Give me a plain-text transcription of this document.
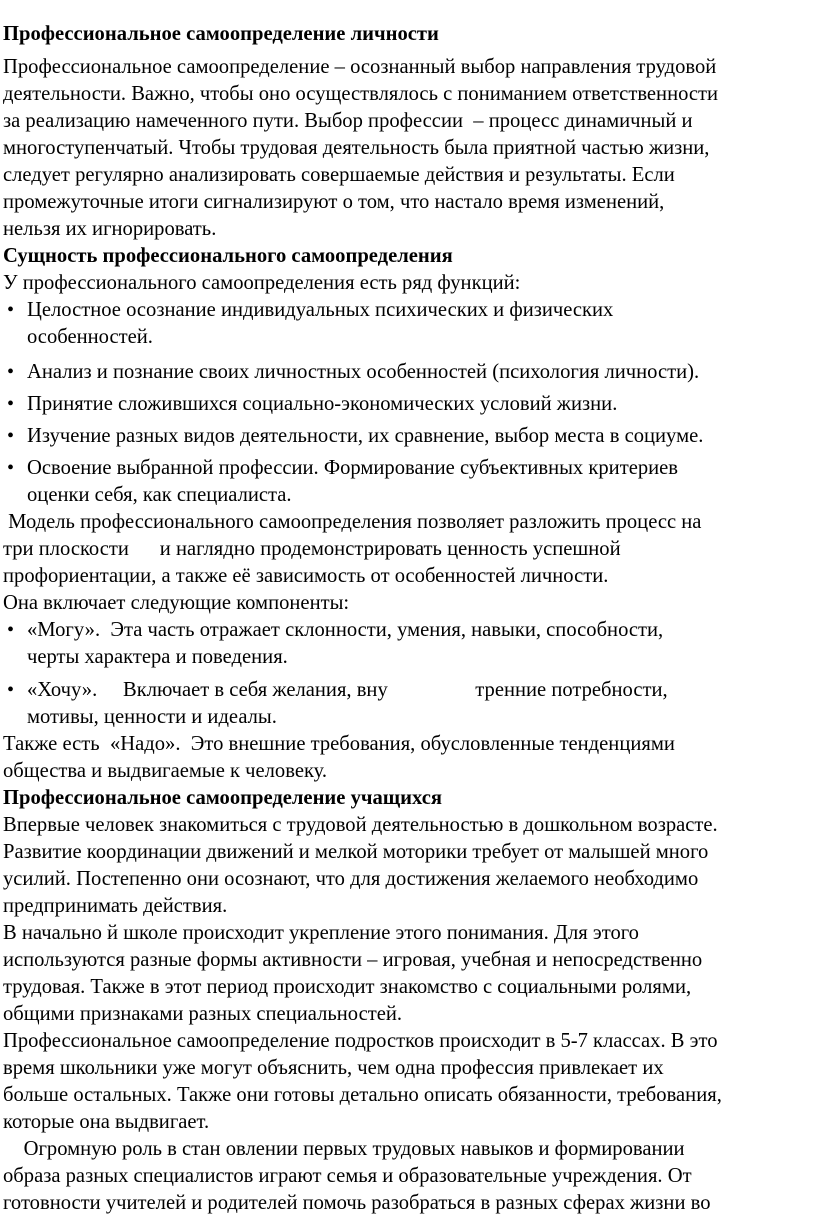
Профессиональное самоопределение личности
Профессиональное самоопределение – осознанный выбор направления трудовой
деятельности. Важно, чтобы оно осуществлялось с пониманием ответственности
за реализацию намеченного пути. Выбор профессии  – процесс динамичный и
многоступенчатый. Чтобы трудовая деятельность была приятной частью жизни,
следует регулярно анализировать совершаемые действия и результаты. Если
промежуточные итоги сигнализируют о том, что настало время изменений,
нельзя их игнорировать.
Сущность профессионального самоопределения
У профессионального самоопределения есть ряд функций:
• Целостное осознание индивидуальных психических и физических
особенностей.
• Анализ и познание своих личностных особенностей (психология личности).
• Принятие сложившихся социально-экономических условий жизни.
• Изучение разных видов деятельности, их сравнение, выбор места в социуме.
• Освоение выбранной профессии. Формирование субъективных критериев
оценки себя, как специалиста.
Модель профессионального самоопределения позволяет разложить процесс на
три плоскости      и наглядно продемонстрировать ценность успешной
профориентации, а также её зависимость от особенностей личности.
Она включает следующие компоненты:
• «Могу».  Эта часть отражает склонности, умения, навыки, способности,
черты характера и поведения.
• «Хочу».     Включает в себя желания, вну                 тренние потребности,
мотивы, ценности и идеалы.
Также есть  «Надо».  Это внешние требования, обусловленные тенденциями
общества и выдвигаемые к человеку.
Профессиональное самоопределение учащихся
Впервые человек знакомиться с трудовой деятельностью в дошкольном возрасте.
Развитие координации движений и мелкой моторики требует от малышей много
усилий. Постепенно они осознают, что для достижения желаемого необходимо
предпринимать действия.
В начально й школе происходит укрепление этого понимания. Для этого
используются разные формы активности – игровая, учебная и непосредственно
трудовая. Также в этот период происходит знакомство с социальными ролями,
общими признаками разных специальностей.
Профессиональное самоопределение подростков происходит в 5-7 классах. В это
время школьники уже могут объяснить, чем одна профессия привлекает их
больше остальных. Также они готовы детально описать обязанности, требования,
которые она выдвигает.
Огромную роль в стан овлении первых трудовых навыков и формировании
образа разных специалистов играют семья и образовательные учреждения. От
готовности учителей и родителей помочь разобраться в разных сферах жизни во
